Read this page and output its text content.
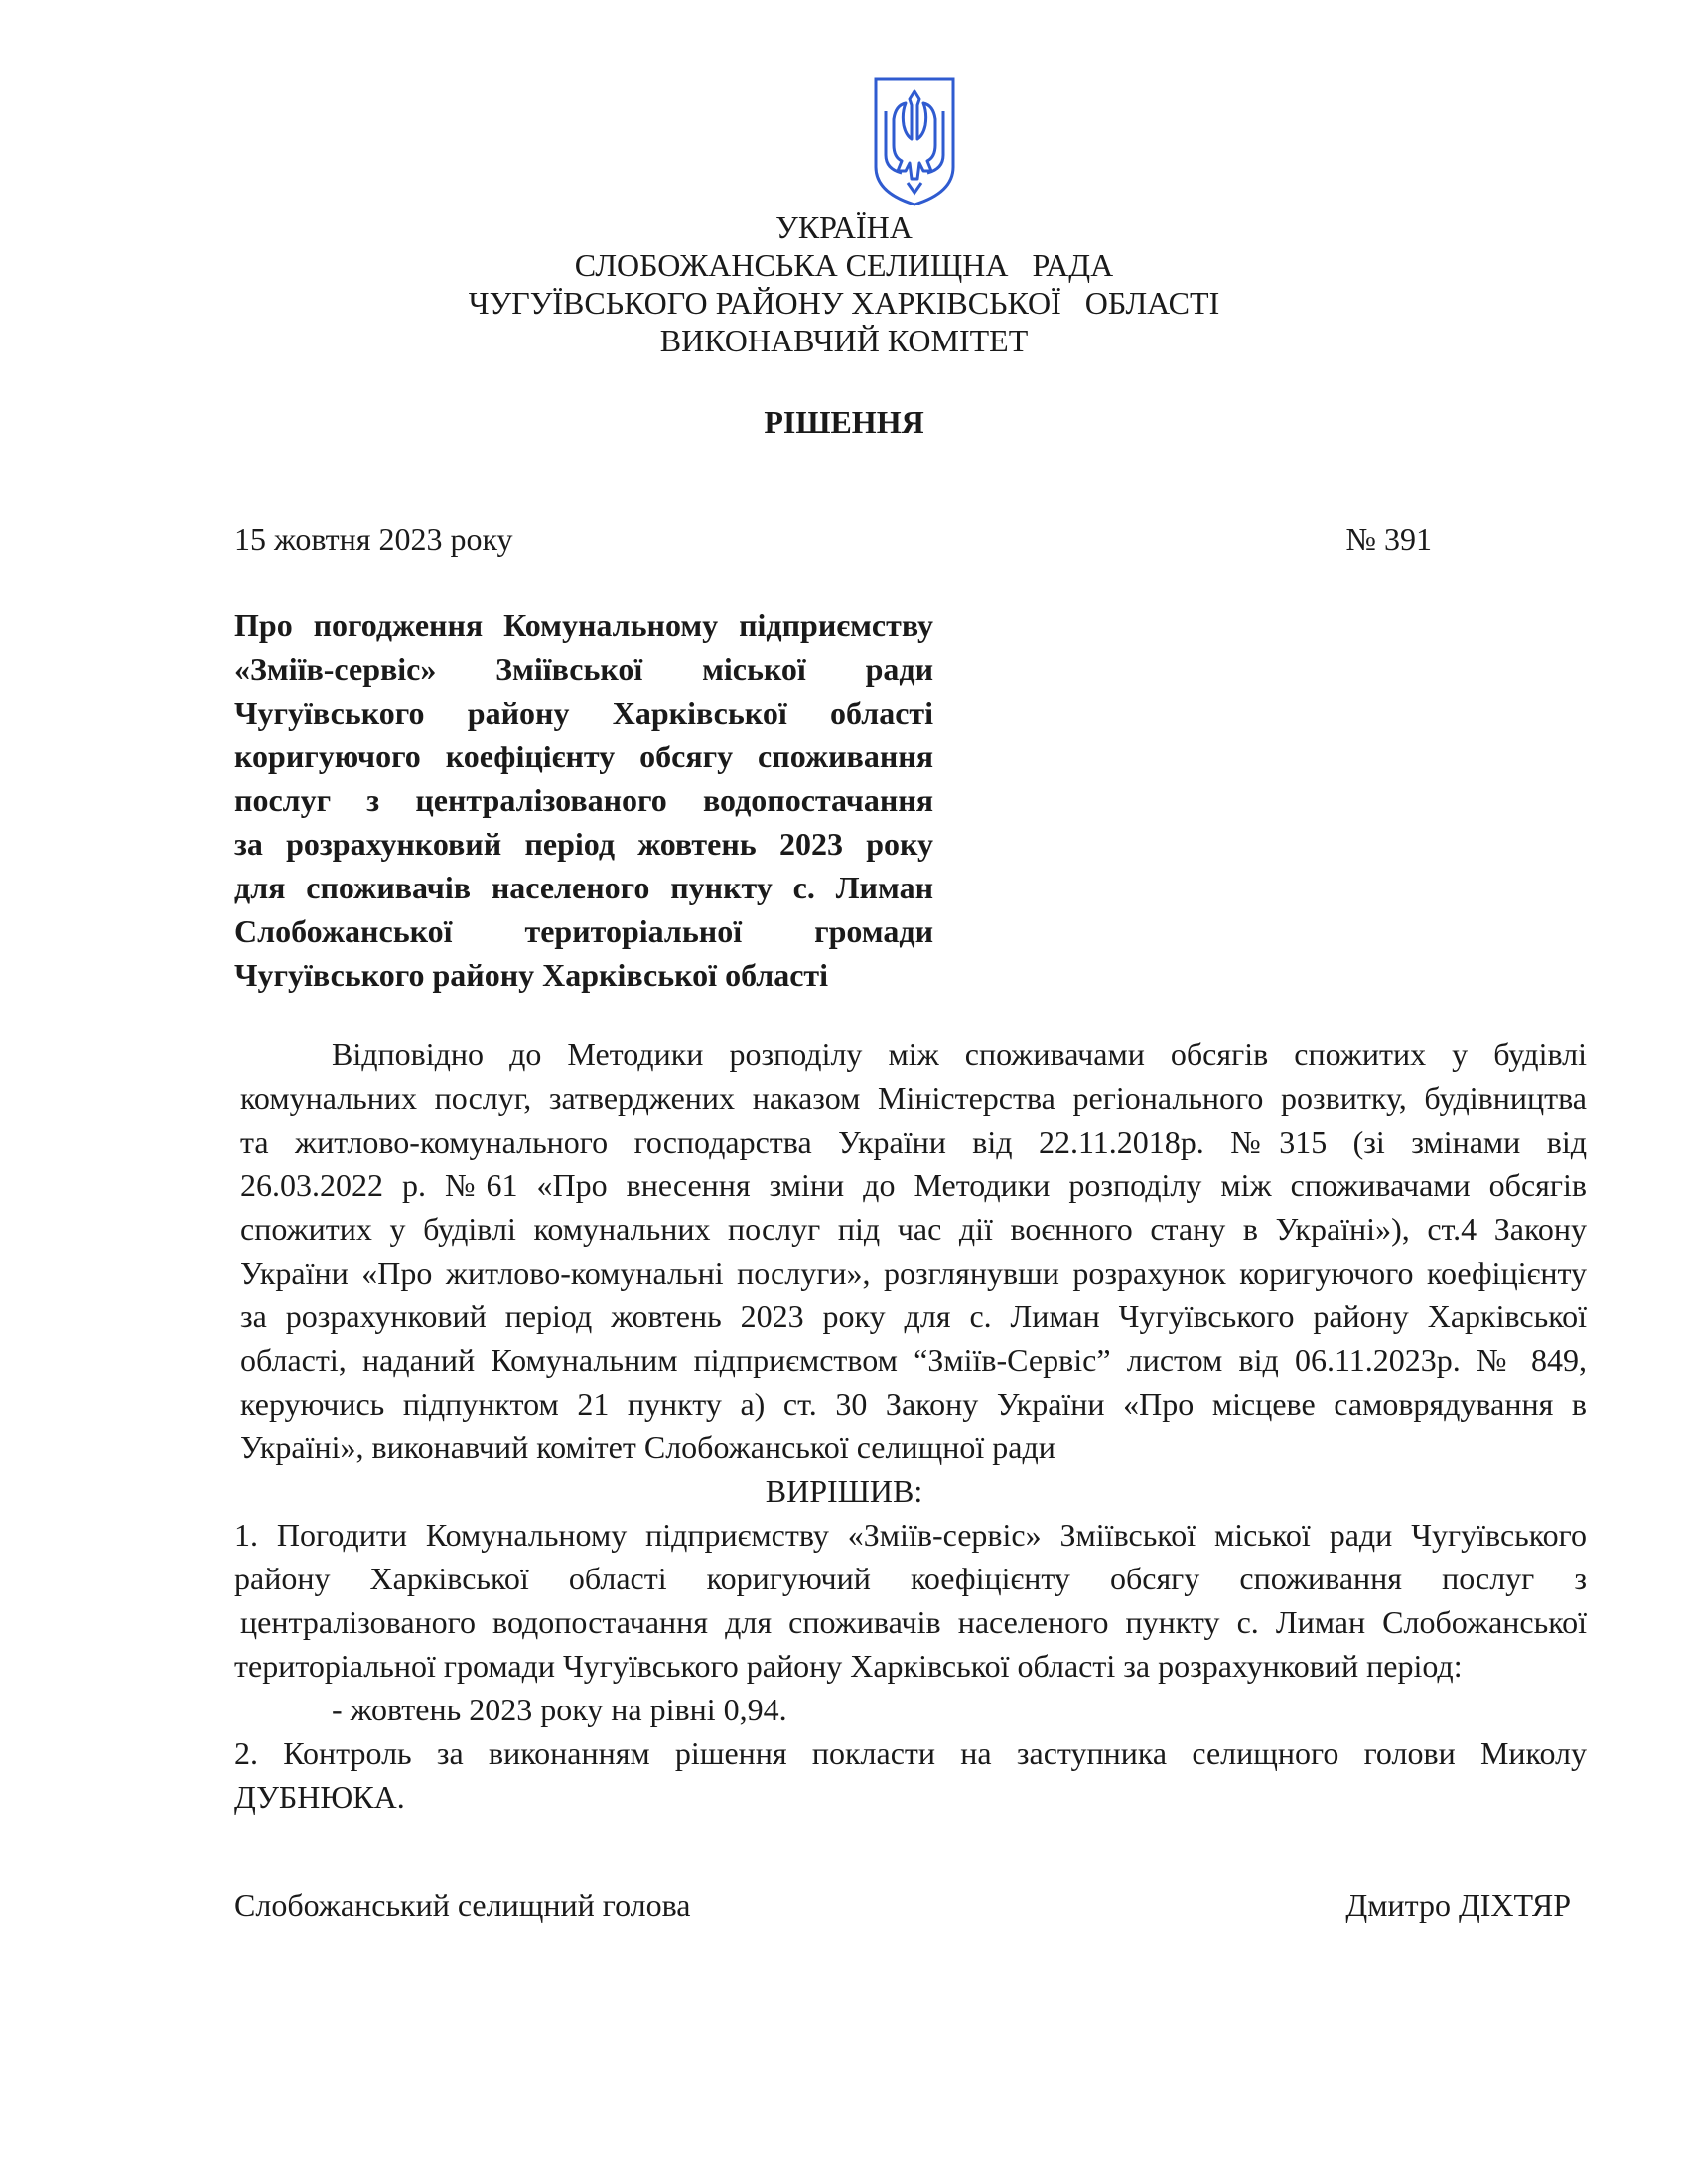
УКРАЇНА
СЛОБОЖАНСЬКА СЕЛИЩНА   РАДА
ЧУГУЇВСЬКОГО РАЙОНУ ХАРКІВСЬКОЇ   ОБЛАСТІ
ВИКОНАВЧИЙ КОМІТЕТ
РІШЕННЯ
15 жовтня 2023 року	№ 391
Про погодження Комунальному підприємству
«Зміїв-сервіс» Зміївської міської ради
Чугуївського району Харківської області
коригуючого коефіцієнту обсягу споживання
послуг з централізованого водопостачання
за розрахунковий період жовтень 2023 року
для споживачів населеного пункту с. Лиман
Слобожанської територіальної громади
Чугуївського району Харківської області
Відповідно до Методики розподілу між споживачами обсягів спожитих у будівлі
комунальних послуг, затверджених наказом Міністерства регіонального розвитку, будівництва
та житлово-комунального господарства України від 22.11.2018р. №315 (зі змінами від
26.03.2022 р. №61 «Про внесення зміни до Методики розподілу між споживачами обсягів
спожитих у будівлі комунальних послуг під час дії воєнного стану в Україні»), ст.4 Закону
України «Про житлово-комунальні послуги», розглянувши розрахунок коригуючого коефіцієнту
за розрахунковий період жовтень 2023 року для с. Лиман Чугуївського району Харківської
області, наданий Комунальним підприємством “Зміїв-Сервіс” листом від 06.11.2023р. № 849,
керуючись підпунктом 21 пункту а) ст. 30 Закону України «Про місцеве самоврядування в
Україні», виконавчий комітет Слобожанської селищної ради
ВИРІШИВ:
1. Погодити Комунальному підприємству «Зміїв-сервіс» Зміївської міської ради Чугуївського
району Харківської області коригуючий коефіцієнту обсягу споживання послуг з
централізованого водопостачання для споживачів населеного пункту с. Лиман Слобожанської
територіальної громади Чугуївського району Харківської області за розрахунковий період:
- жовтень 2023 року на рівні 0,94.
2. Контроль за виконанням рішення покласти на заступника селищного голови Миколу
ДУБНЮКА.
Слобожанський селищний голова	Дмитро ДІХТЯР
